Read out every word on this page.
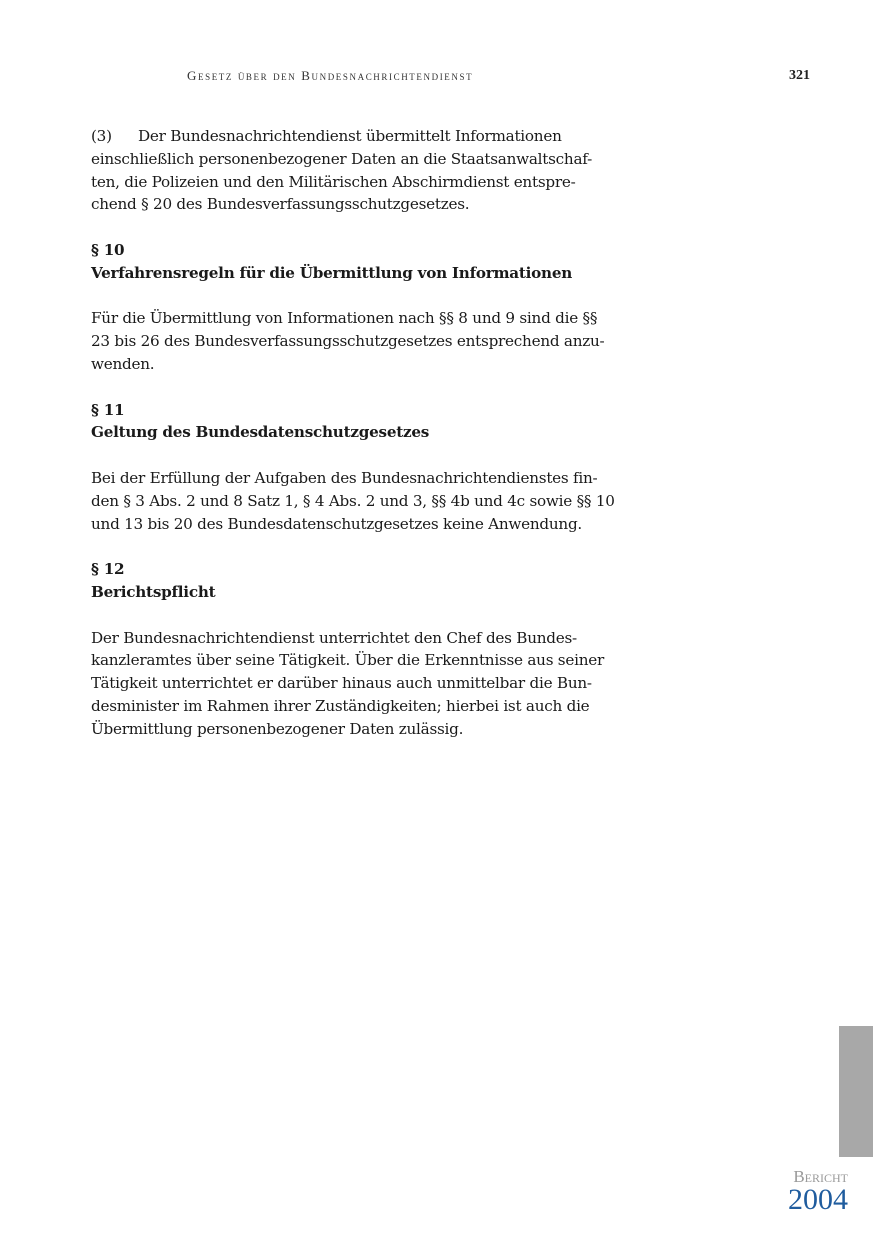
Gesetz über den Bundesnachrichtendienst	321
(3) Der Bundesnachrichtendienst übermittelt Informationen
einschließlich personenbezogener Daten an die Staatsanwaltschaf-
ten, die Polizeien und den Militärischen Abschirmdienst entspre-
chend § 20 des Bundesverfassungsschutzgesetzes.
§ 10
Verfahrensregeln für die Übermittlung von Informationen
Für die Übermittlung von Informationen nach §§ 8 und 9 sind die §§
23 bis 26 des Bundesverfassungsschutzgesetzes entsprechend anzu-
wenden.
§ 11
Geltung des Bundesdatenschutzgesetzes
Bei der Erfüllung der Aufgaben des Bundesnachrichtendienstes fin-
den § 3 Abs. 2 und 8 Satz 1, § 4 Abs. 2 und 3, §§ 4b und 4c sowie §§ 10
und 13 bis 20 des Bundesdatenschutzgesetzes keine Anwendung.
§ 12
Berichtspflicht
Der Bundesnachrichtendienst unterrichtet den Chef des Bundes-
kanzleramtes über seine Tätigkeit. Über die Erkenntnisse aus seiner
Tätigkeit unterrichtet er darüber hinaus auch unmittelbar die Bun-
desminister im Rahmen ihrer Zuständigkeiten; hierbei ist auch die
Übermittlung personenbezogener Daten zulässig.
Bericht
2004
